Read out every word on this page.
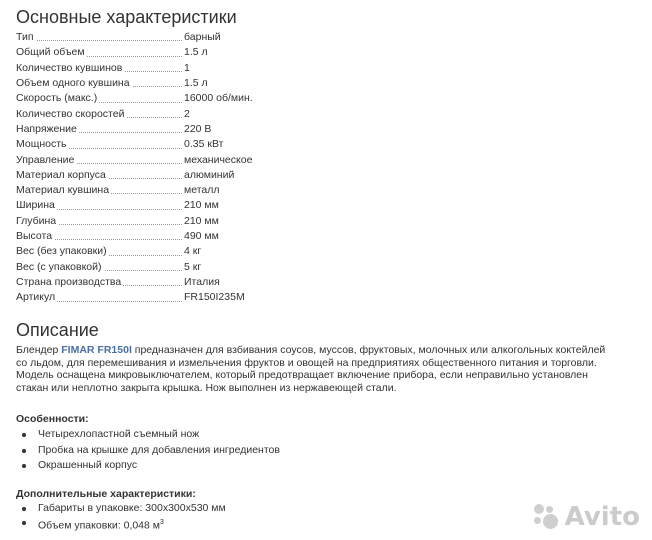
Основные характеристики
Тип	барный
Общий объем	1.5 л
Количество кувшинов	1
Объем одного кувшина	1.5 л
Скорость (макс.)	16000 об/мин.
Количество скоростей	2
Напряжение	220 В
Мощность	0.35 кВт
Управление	механическое
Материал корпуса	алюминий
Материал кувшина	металл
Ширина	210 мм
Глубина	210 мм
Высота	490 мм
Вес (без упаковки)	4 кг
Вес (с упаковкой)	5 кг
Страна производства	Италия
Артикул	FR150I235M
Описание

Блендер FIMAR FR150I предназначен для взбивания соусов, муссов, фруктовых, молочных или алкогольных коктейлей со льдом, для перемешивания и измельчения фруктов и овощей на предприятиях общественного питания и торговли. Модель оснащена микровыключателем, который предотвращает включение прибора, если неправильно установлен стакан или неплотно закрыта крышка. Нож выполнен из нержавеющей стали.

Особенности:

Четырехлопастной съемный нож
Пробка на крышке для добавления ингредиентов
Окрашенный корпус

Дополнительные характеристики:

Габариты в упаковке: 300х300х530 мм
Объем упаковки: 0,048 $м^3$	Avito
